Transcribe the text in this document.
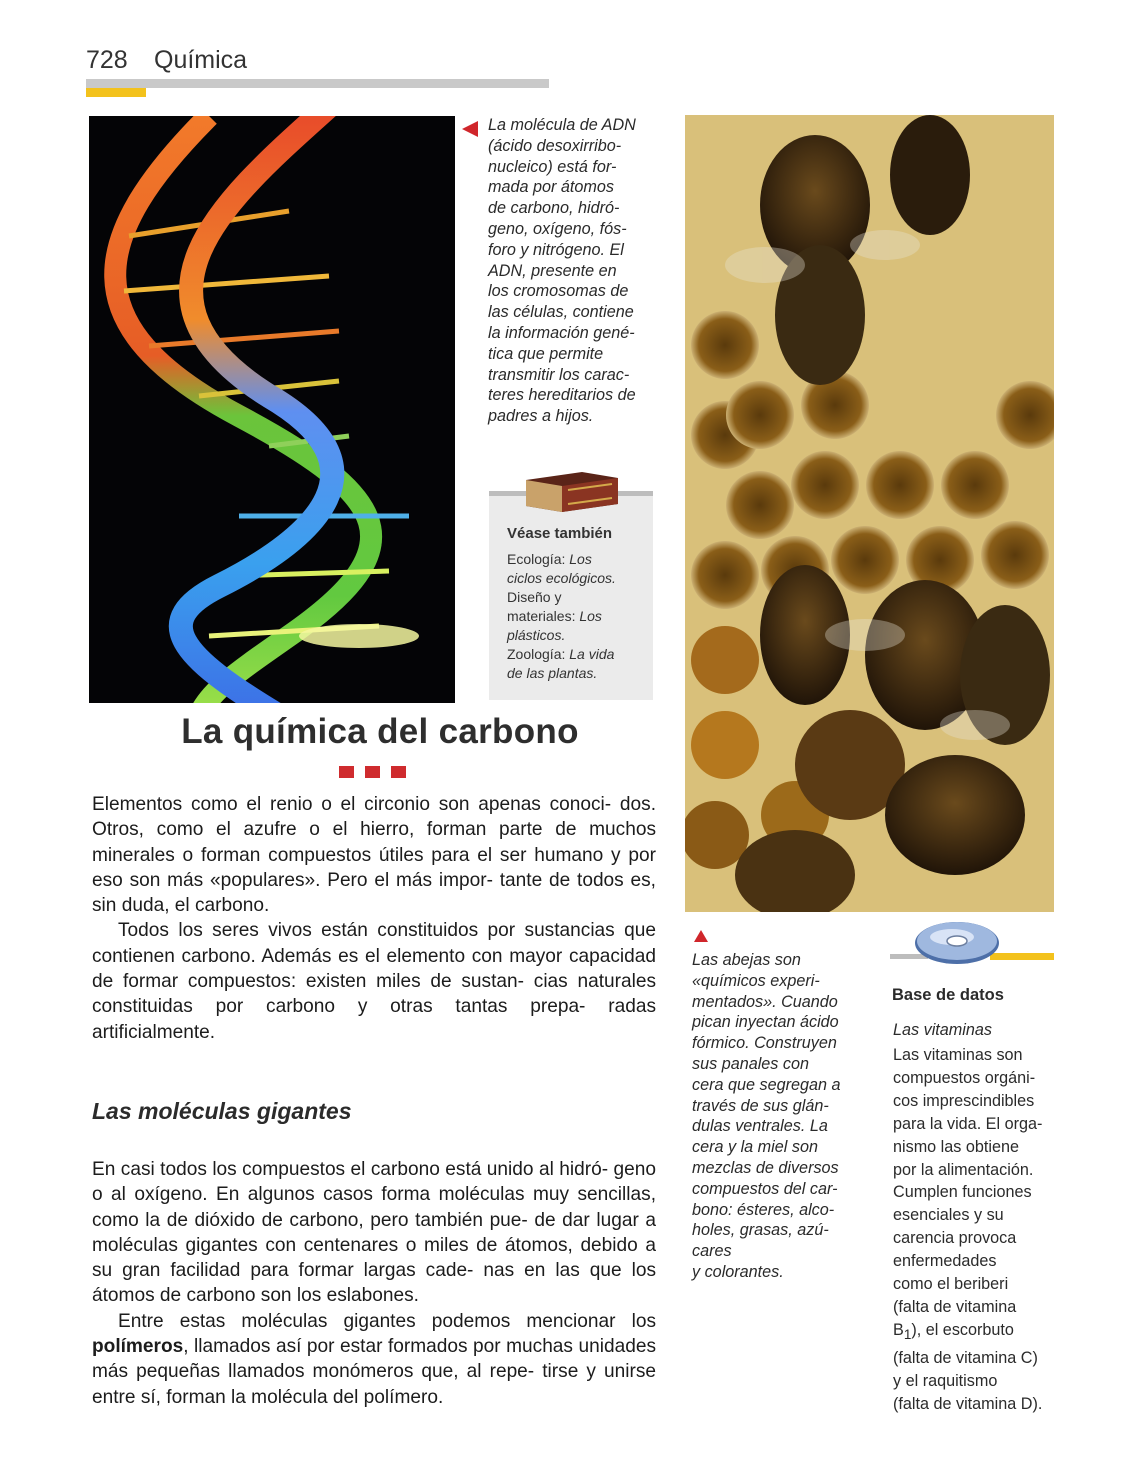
728 Química
La molécula de ADN
(ácido desoxirribo-
nucleico) está for-
mada por átomos
de carbono, hidró-
geno, oxígeno, fós-
foro y nitrógeno. El
ADN, presente en
los cromosomas de
las células, contiene
la información gené-
tica que permite
transmitir los carac-
teres hereditarios de
padres a hijos.
Véase también
Ecología: Los
ciclos ecológicos.
Diseño y
materiales: Los
plásticos.
Zoología: La vida
de las plantas.
La química del carbono

Elementos como el renio o el circonio son apenas conoci- dos. Otros, como el azufre o el hierro, forman parte de muchos minerales o forman compuestos útiles para el ser humano y por eso son más «populares». Pero el más impor- tante de todos es, sin duda, el carbono.

Todos los seres vivos están constituidos por sustancias que contienen carbono. Además es el elemento con mayor capacidad de formar compuestos: existen miles de sustan- cias naturales constituidas por carbono y otras tantas prepa- radas artificialmente.

Las moléculas gigantes

En casi todos los compuestos el carbono está unido al hidró- geno o al oxígeno. En algunos casos forma moléculas muy sencillas, como la de dióxido de carbono, pero también pue- de dar lugar a moléculas gigantes con centenares o miles de átomos, debido a su gran facilidad para formar largas cade- nas en las que los átomos de carbono son los eslabones.

Entre estas moléculas gigantes podemos mencionar los polímeros, llamados así por estar formados por muchas unidades más pequeñas llamados monómeros que, al repe- tirse y unirse entre sí, forman la molécula del polímero.

Las abejas son
«químicos experi-
mentados». Cuando
pican inyectan ácido
fórmico. Construyen
sus panales con
cera que segregan a
través de sus glán-
dulas ventrales. La
cera y la miel son
mezclas de diversos
compuestos del car-
bono: ésteres, alco-
holes, grasas, azú-
cares
y colorantes.
Base de datos
Las vitaminas

Las vitaminas son

compuestos orgáni-

cos imprescindibles

para la vida. El orga-

nismo las obtiene

por la alimentación.

Cumplen funciones

esenciales y su

carencia provoca

enfermedades

como el beriberi

(falta de vitamina

$B_1$), el escorbuto

(falta de vitamina C)

y el raquitismo

(falta de vitamina D).
